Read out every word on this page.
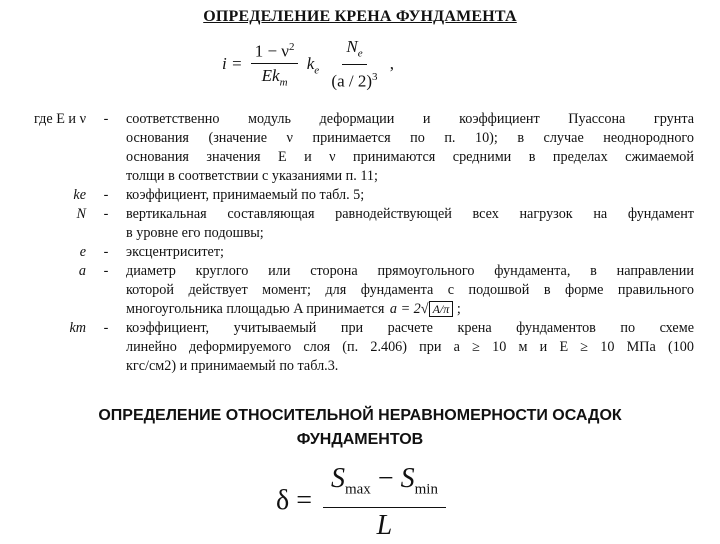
ОПРЕДЕЛЕНИЕ КРЕНА ФУНДАМЕНТА
$i = \frac{1 - \nu^2}{Ek_m} k_e \frac{N_e}{(a / 2)^3}$ ,
где E и ν	-	соответственно модуль деформации и коэффициент Пуассона грунта
основания (значение ν принимается по п. 10); в случае неоднородного
основания значения E и ν принимаются средними в пределах сжимаемой
толщи в соответствии с указаниями п. 11;
ke	-	коэффициент, принимаемый по табл. 5;
N	-	вертикальная составляющая равнодействующей всех нагрузок на фундамент
в уровне его подошвы;
e	-	эксцентриситет;
a	-	диаметр круглого или сторона прямоугольного фундамента, в направлении
которой действует момент; для фундамента с подошвой в форме правильного
многоугольника площадью A принимается a = 2√ A/π ;
km	-	коэффициент, учитываемый при расчете крена фундаментов по схеме
линейно деформируемого слоя (п. 2.406) при a ≥ 10 м и E ≥ 10 МПа (100
кгс/см2) и принимаемый по табл.3.
ОПРЕДЕЛЕНИЕ ОТНОСИТЕЛЬНОЙ НЕРАВНОМЕРНОСТИ ОСАДОК
ФУНДАМЕНТОВ
$\delta = \frac{S_{max} - S_{min}}{L}$
